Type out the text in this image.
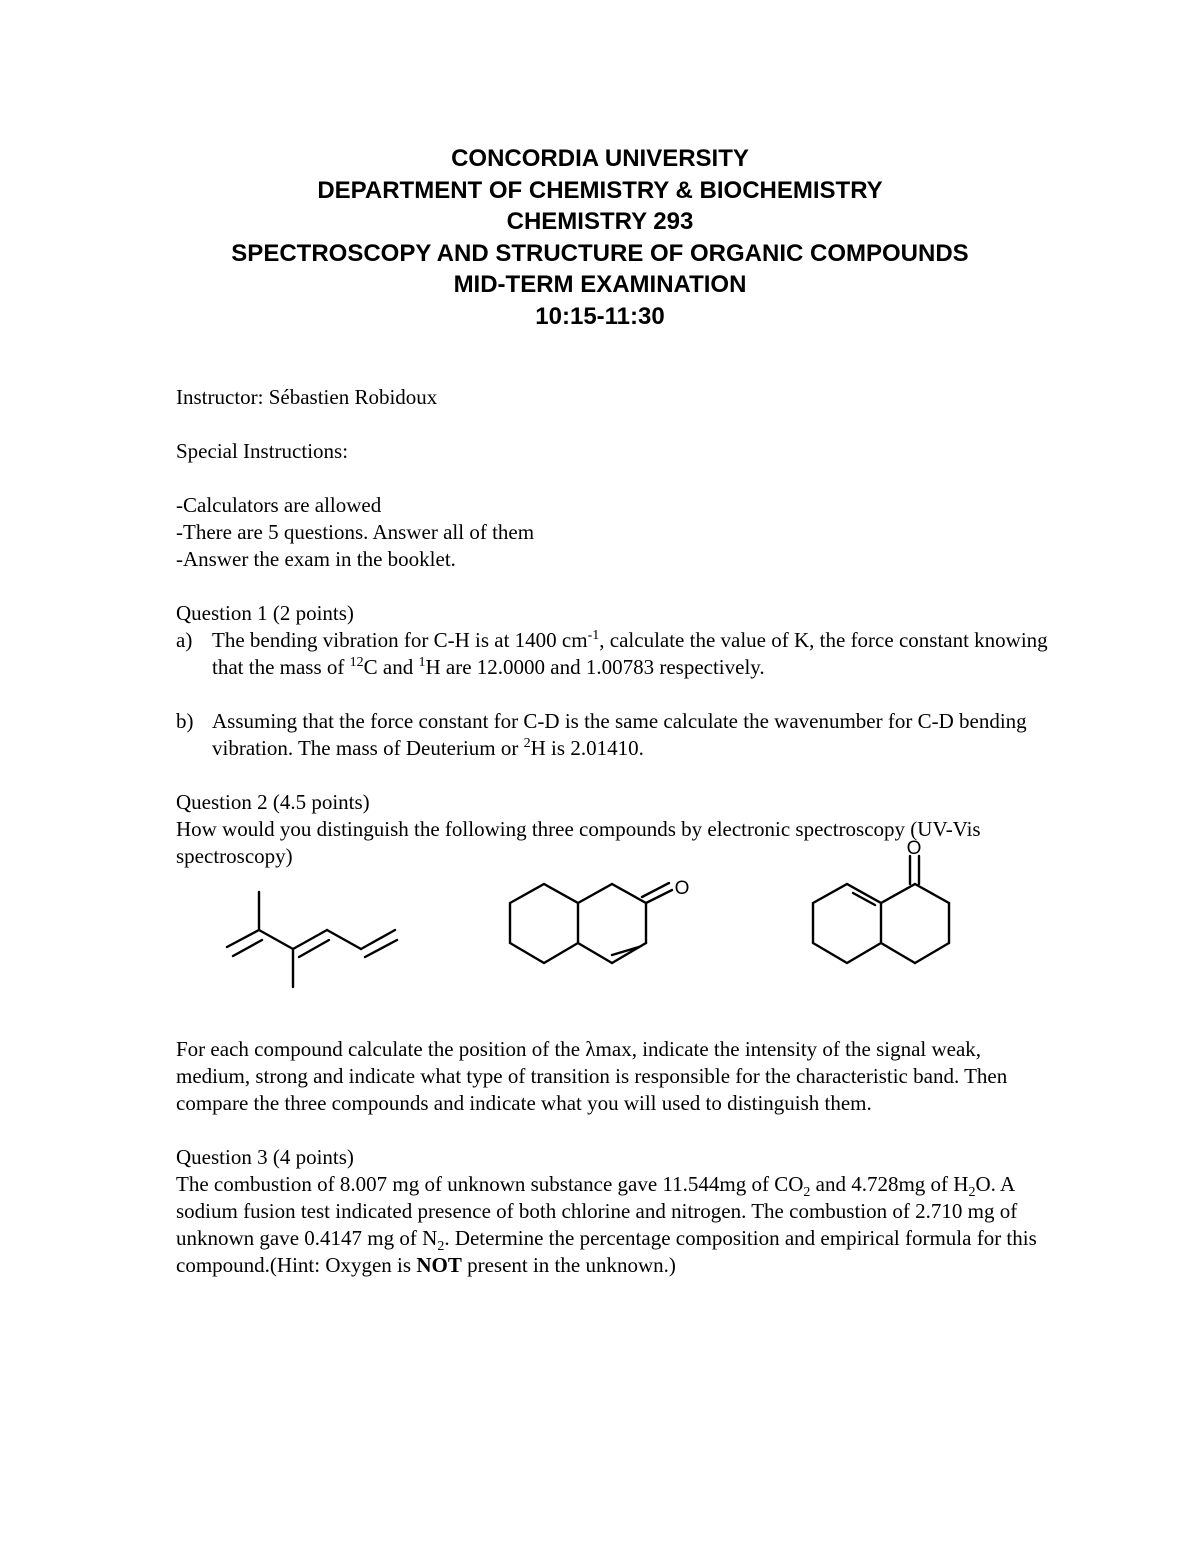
CONCORDIA UNIVERSITY
DEPARTMENT OF CHEMISTRY & BIOCHEMISTRY
CHEMISTRY 293
SPECTROSCOPY AND STRUCTURE OF ORGANIC COMPOUNDS
MID-TERM EXAMINATION
10:15-11:30

Instructor: Sébastien Robidoux

Special Instructions:

-Calculators are allowed

-There are 5 questions. Answer all of them

-Answer the exam in the booklet.

Question 1 (2 points)

a) The bending vibration for C-H is at 1400 $cm^{-1}$, calculate the value of K, the force constant knowing that the mass of $^{12}$C and $^1$H are 12.0000 and 1.00783 respectively.
b) Assuming that the force constant for C-D is the same calculate the wavenumber for C-D bending vibration. The mass of Deuterium or $^2$H is 2.01410.

Question 2 (4.5 points)

How would you distinguish the following three compounds by electronic spectroscopy (UV-Vis spectroscopy)

For each compound calculate the position of the λmax, indicate the intensity of the signal weak, medium, strong and indicate what type of transition is responsible for the characteristic band. Then compare the three compounds and indicate what you will used to distinguish them.

Question 3 (4 points)

The combustion of 8.007 mg of unknown substance gave 11.544mg of $CO_2$ and 4.728mg of $H_2O$. A sodium fusion test indicated presence of both chlorine and nitrogen. The combustion of 2.710 mg of unknown gave 0.4147 mg of $N_2$. Determine the percentage composition and empirical formula for this compound.(Hint: Oxygen is NOT present in the unknown.)

O
O
